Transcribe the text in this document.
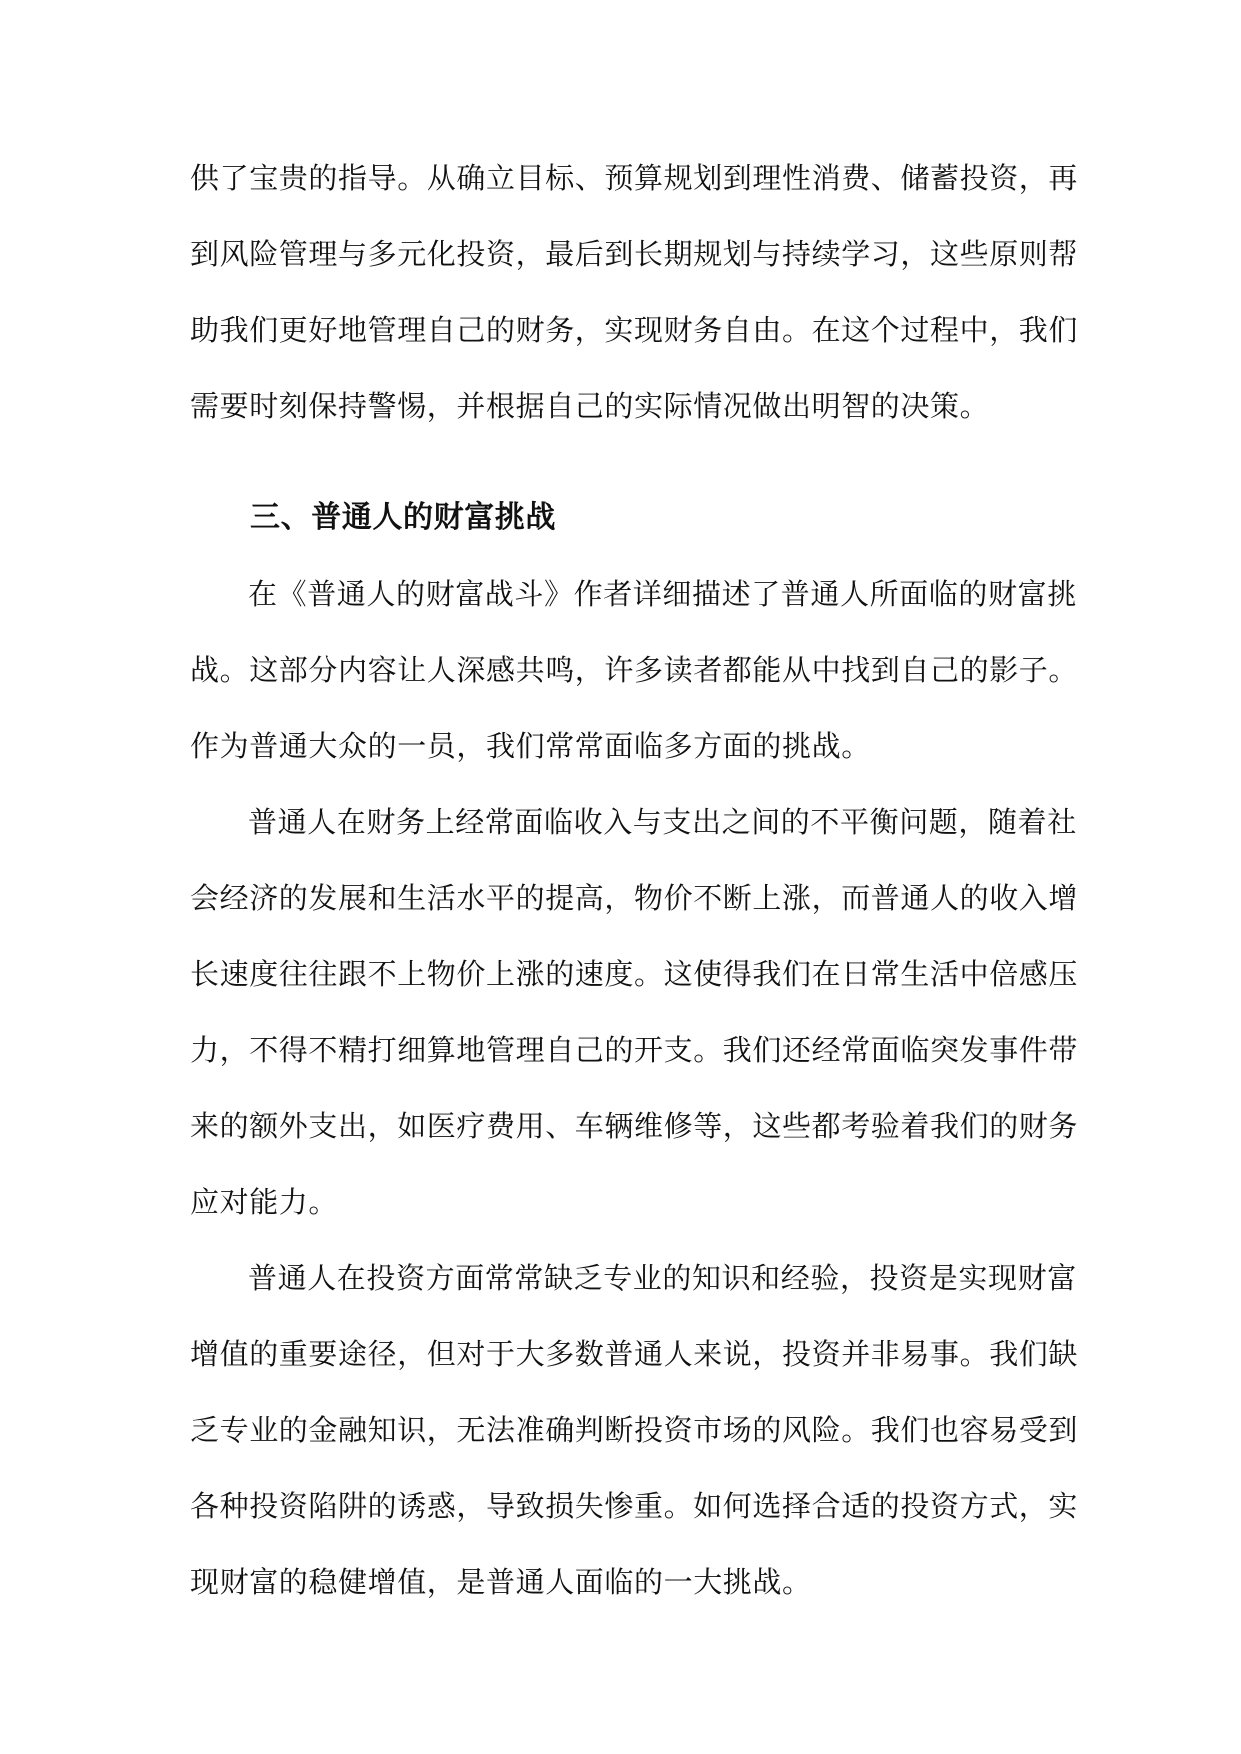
供了宝贵的指导。从确立目标、预算规划到理性消费、储蓄投资，再
到风险管理与多元化投资，最后到长期规划与持续学习，这些原则帮
助我们更好地管理自己的财务，实现财务自由。在这个过程中，我们
需要时刻保持警惕，并根据自己的实际情况做出明智的决策。
三、普通人的财富挑战
在《普通人的财富战斗》作者详细描述了普通人所面临的财富挑
战。这部分内容让人深感共鸣，许多读者都能从中找到自己的影子。
作为普通大众的一员，我们常常面临多方面的挑战。
普通人在财务上经常面临收入与支出之间的不平衡问题，随着社
会经济的发展和生活水平的提高，物价不断上涨，而普通人的收入增
长速度往往跟不上物价上涨的速度。这使得我们在日常生活中倍感压
力，不得不精打细算地管理自己的开支。我们还经常面临突发事件带
来的额外支出，如医疗费用、车辆维修等，这些都考验着我们的财务
应对能力。
普通人在投资方面常常缺乏专业的知识和经验，投资是实现财富
增值的重要途径，但对于大多数普通人来说，投资并非易事。我们缺
乏专业的金融知识，无法准确判断投资市场的风险。我们也容易受到
各种投资陷阱的诱惑，导致损失惨重。如何选择合适的投资方式，实
现财富的稳健增值，是普通人面临的一大挑战。
